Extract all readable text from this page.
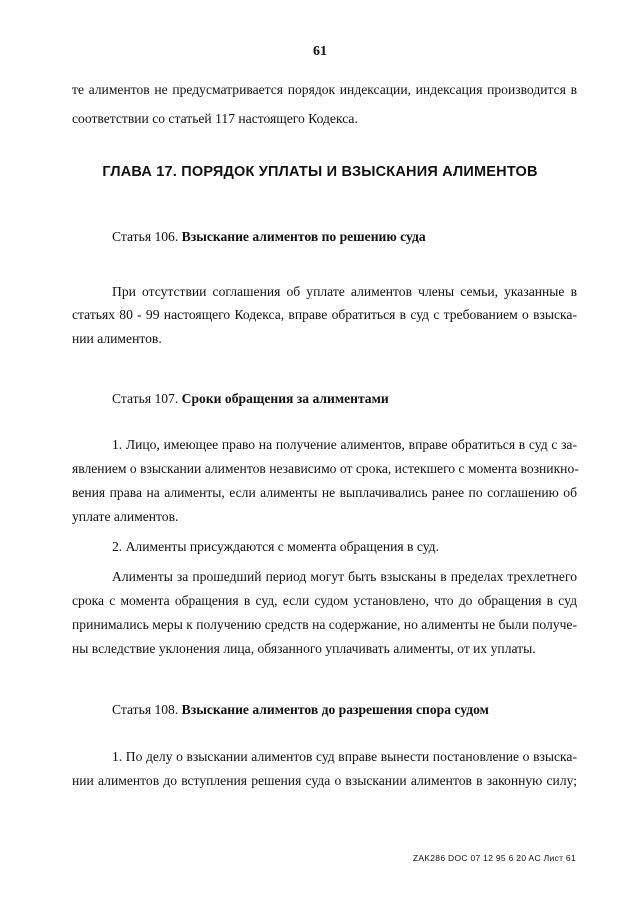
61
те алиментов не предусматривается порядок индексации, индексация производится в
соответствии со статьей 117 настоящего Кодекса.
ГЛАВА 17. ПОРЯДОК УПЛАТЫ И ВЗЫСКАНИЯ АЛИМЕНТОВ
Статья 106. Взыскание алиментов по решению суда
При отсутствии соглашения об уплате алиментов члены семьи, указанные в
статьях 80 - 99 настоящего Кодекса, вправе обратиться в суд с требованием о взыска-
нии алиментов.
Статья 107. Сроки обращения за алиментами
1. Лицо, имеющее право на получение алиментов, вправе обратиться в суд с за-
явлением о взыскании алиментов независимо от срока, истекшего с момента возникно-
вения права на алименты, если алименты не выплачивались ранее по соглашению об
уплате алиментов.
2. Алименты присуждаются с момента обращения в суд.
Алименты за прошедший период могут быть взысканы в пределах трехлетнего
срока с момента обращения в суд, если судом установлено, что до обращения в суд
принимались меры к получению средств на содержание, но алименты не были получе-
ны вследствие уклонения лица, обязанного уплачивать алименты, от их уплаты.
Статья 108. Взыскание алиментов до разрешения спора судом
1. По делу о взыскании алиментов суд вправе вынести постановление о взыска-
нии алиментов до вступления решения суда о взыскании алиментов в законную силу;
ZAK286 DOC 07 12 95 6 20 AC Лист 61
